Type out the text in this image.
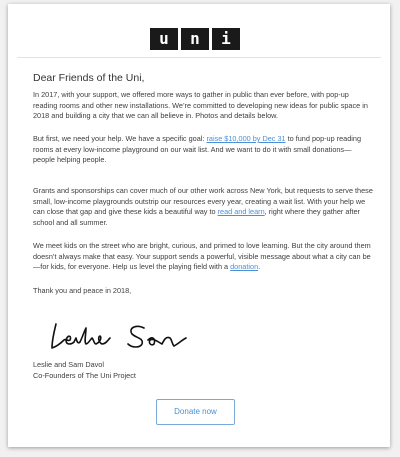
u n i
Dear Friends of the Uni,

In 2017, with your support, we offered more ways to gather in public than ever before, with pop-up reading rooms and other new installations. We’re committed to developing new ideas for public space in 2018 and building a city that we can all believe in. Photos and details below.

But first, we need your help. We have a specific goal: raise $10,000 by Dec 31 to fund pop-up reading rooms at every low-income playground on our wait list. And we want to do it with small donations—people helping people.

Grants and sponsorships can cover much of our other work across New York, but requests to serve these small, low-income playgrounds outstrip our resources every year, creating a wait list. With your help we can close that gap and give these kids a beautiful way to read and learn, right where they gather after school and all summer.

We meet kids on the street who are bright, curious, and primed to love learning. But the city around them doesn’t always make that easy. Your support sends a powerful, visible message about what a city can be—for kids, for everyone. Help us level the playing field with a donation.

Thank you and peace in 2018,

Leslie and Sam Davol
Co-Founders of The Uni Project
Donate now
